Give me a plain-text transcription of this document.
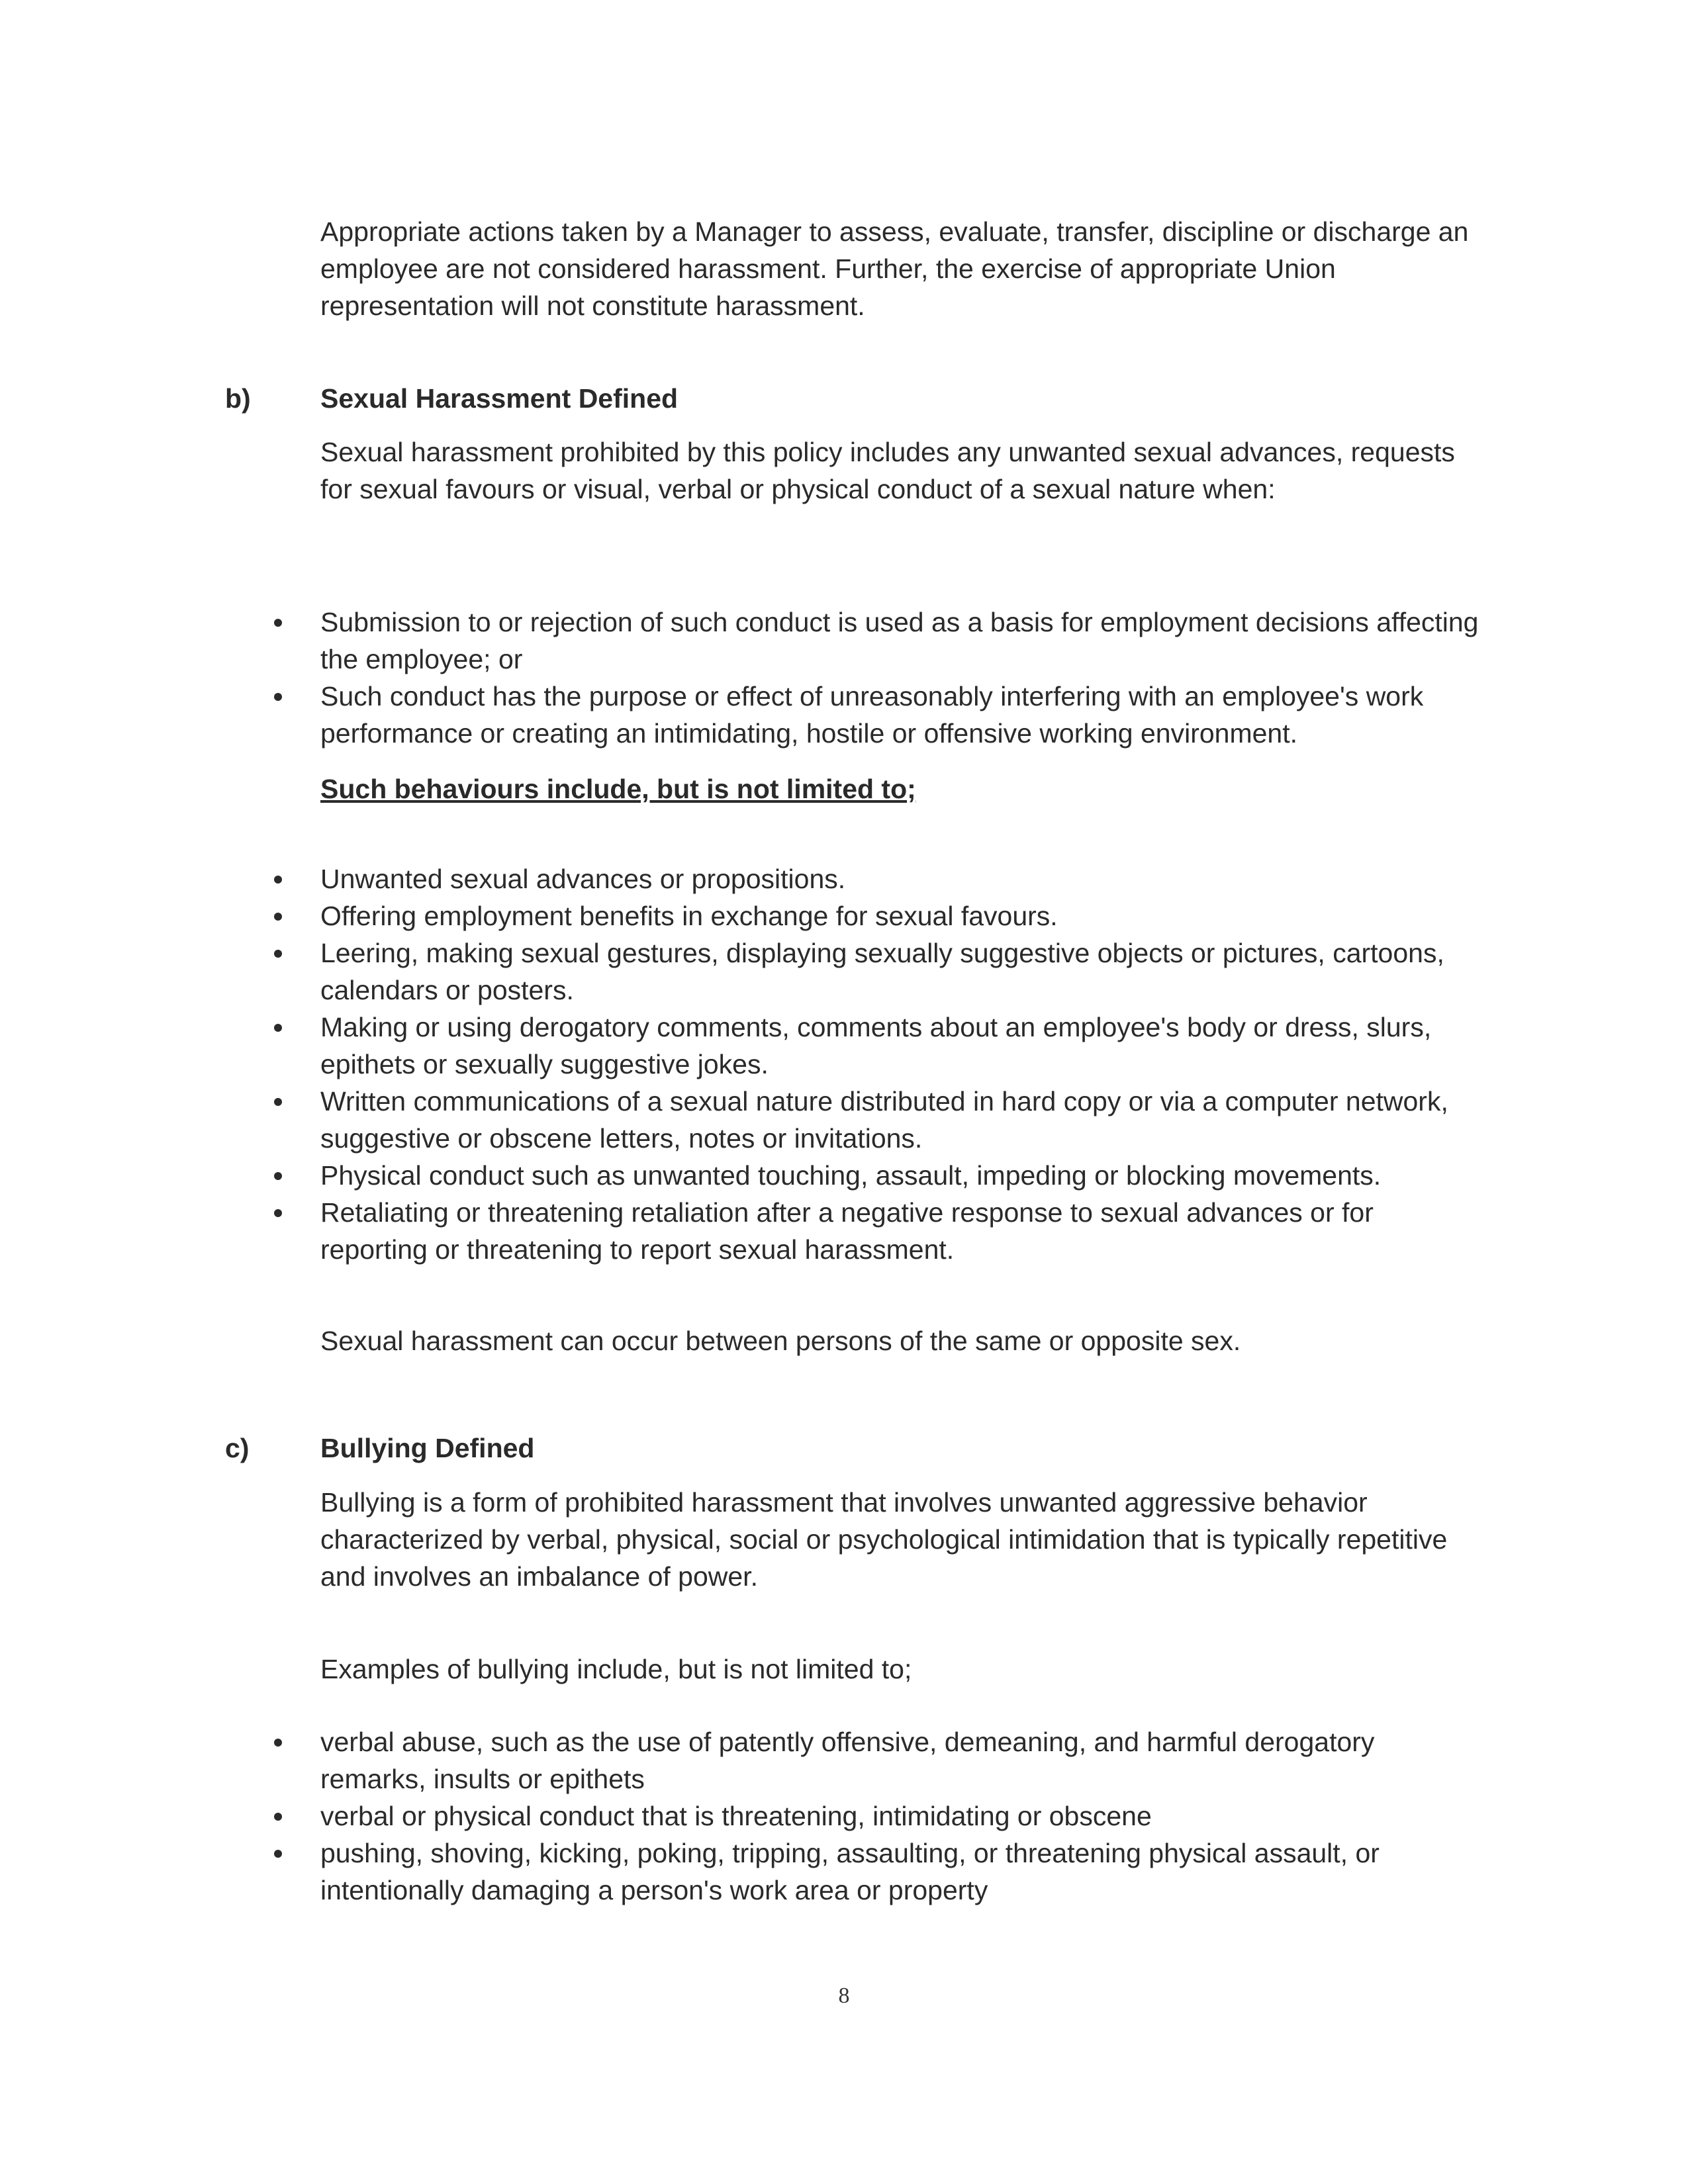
Appropriate actions taken by a Manager to assess, evaluate, transfer, discipline or discharge an employee are not considered harassment. Further, the exercise of appropriate Union representation will not constitute harassment.

b)	Sexual Harassment Defined

Sexual harassment prohibited by this policy includes any unwanted sexual advances, requests for sexual favours or visual, verbal or physical conduct of a sexual nature when:

Submission to or rejection of such conduct is used as a basis for employment decisions affecting the employee; or
Such conduct has the purpose or effect of unreasonably interfering with an employee's work performance or creating an intimidating, hostile or offensive working environment.
Such behaviours include, but is not limited to;
Unwanted sexual advances or propositions.
Offering employment benefits in exchange for sexual favours.
Leering, making sexual gestures, displaying sexually suggestive objects or pictures, cartoons, calendars or posters.
Making or using derogatory comments, comments about an employee's body or dress, slurs, epithets or sexually suggestive jokes.
Written communications of a sexual nature distributed in hard copy or via a computer network, suggestive or obscene letters, notes or invitations.
Physical conduct such as unwanted touching, assault, impeding or blocking movements.
Retaliating or threatening retaliation after a negative response to sexual advances or for reporting or threatening to report sexual harassment.

Sexual harassment can occur between persons of the same or opposite sex.

c)	Bullying Defined

Bullying is a form of prohibited harassment that involves unwanted aggressive behavior characterized by verbal, physical, social or psychological intimidation that is typically repetitive and involves an imbalance of power.

Examples of bullying include, but is not limited to;

verbal abuse, such as the use of patently offensive, demeaning, and harmful derogatory remarks, insults or epithets
verbal or physical conduct that is threatening, intimidating or obscene
pushing, shoving, kicking, poking, tripping, assaulting, or threatening physical assault, or intentionally damaging a person's work area or property
8
